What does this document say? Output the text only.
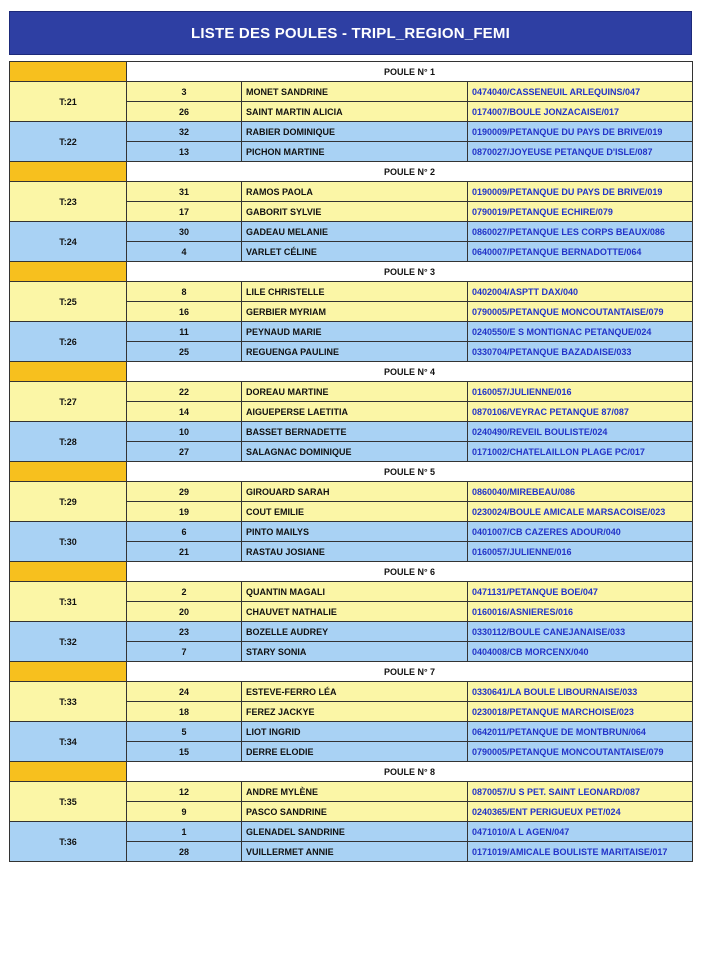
LISTE DES POULES - TRIPL_REGION_FEMI
	POULE N° 1		
T:21	3	MONET SANDRINE	0474040/CASSENEUIL ARLEQUINS/047
	26	SAINT MARTIN ALICIA	0174007/BOULE JONZACAISE/017
T:22	32	RABIER DOMINIQUE	0190009/PETANQUE DU PAYS DE BRIVE/019
	13	PICHON MARTINE	0870027/JOYEUSE PETANQUE D'ISLE/087
	POULE N° 2		
T:23	31	RAMOS PAOLA	0190009/PETANQUE DU PAYS DE BRIVE/019
	17	GABORIT SYLVIE	0790019/PETANQUE ECHIRE/079
T:24	30	GADEAU MELANIE	0860027/PETANQUE LES CORPS BEAUX/086
	4	VARLET CÉLINE	0640007/PETANQUE BERNADOTTE/064
	POULE N° 3		
T:25	8	LILE CHRISTELLE	0402004/ASPTT DAX/040
	16	GERBIER MYRIAM	0790005/PETANQUE MONCOUTANTAISE/079
T:26	11	PEYNAUD MARIE	0240550/E S MONTIGNAC PETANQUE/024
	25	REGUENGA PAULINE	0330704/PETANQUE BAZADAISE/033
	POULE N° 4		
T:27	22	DOREAU MARTINE	0160057/JULIENNE/016
	14	AIGUEPERSE LAETITIA	0870106/VEYRAC PETANQUE 87/087
T:28	10	BASSET BERNADETTE	0240490/REVEIL BOULISTE/024
	27	SALAGNAC DOMINIQUE	0171002/CHATELAILLON PLAGE PC/017
	POULE N° 5		
T:29	29	GIROUARD SARAH	0860040/MIREBEAU/086
	19	COUT EMILIE	0230024/BOULE AMICALE MARSACOISE/023
T:30	6	PINTO MAILYS	0401007/CB CAZERES ADOUR/040
	21	RASTAU JOSIANE	0160057/JULIENNE/016
	POULE N° 6		
T:31	2	QUANTIN MAGALI	0471131/PETANQUE BOE/047
	20	CHAUVET NATHALIE	0160016/ASNIERES/016
T:32	23	BOZELLE AUDREY	0330112/BOULE CANEJANAISE/033
	7	STARY SONIA	0404008/CB MORCENX/040
	POULE N° 7		
T:33	24	ESTEVE-FERRO LÉA	0330641/LA BOULE LIBOURNAISE/033
	18	FEREZ JACKYE	0230018/PETANQUE MARCHOISE/023
T:34	5	LIOT INGRID	0642011/PETANQUE DE MONTBRUN/064
	15	DERRE ELODIE	0790005/PETANQUE MONCOUTANTAISE/079
	POULE N° 8		
T:35	12	ANDRE MYLÈNE	0870057/U S PET. SAINT LEONARD/087
	9	PASCO SANDRINE	0240365/ENT PERIGUEUX PET/024
T:36	1	GLENADEL SANDRINE	0471010/A L AGEN/047
	28	VUILLERMET ANNIE	0171019/AMICALE BOULISTE MARITAISE/017
